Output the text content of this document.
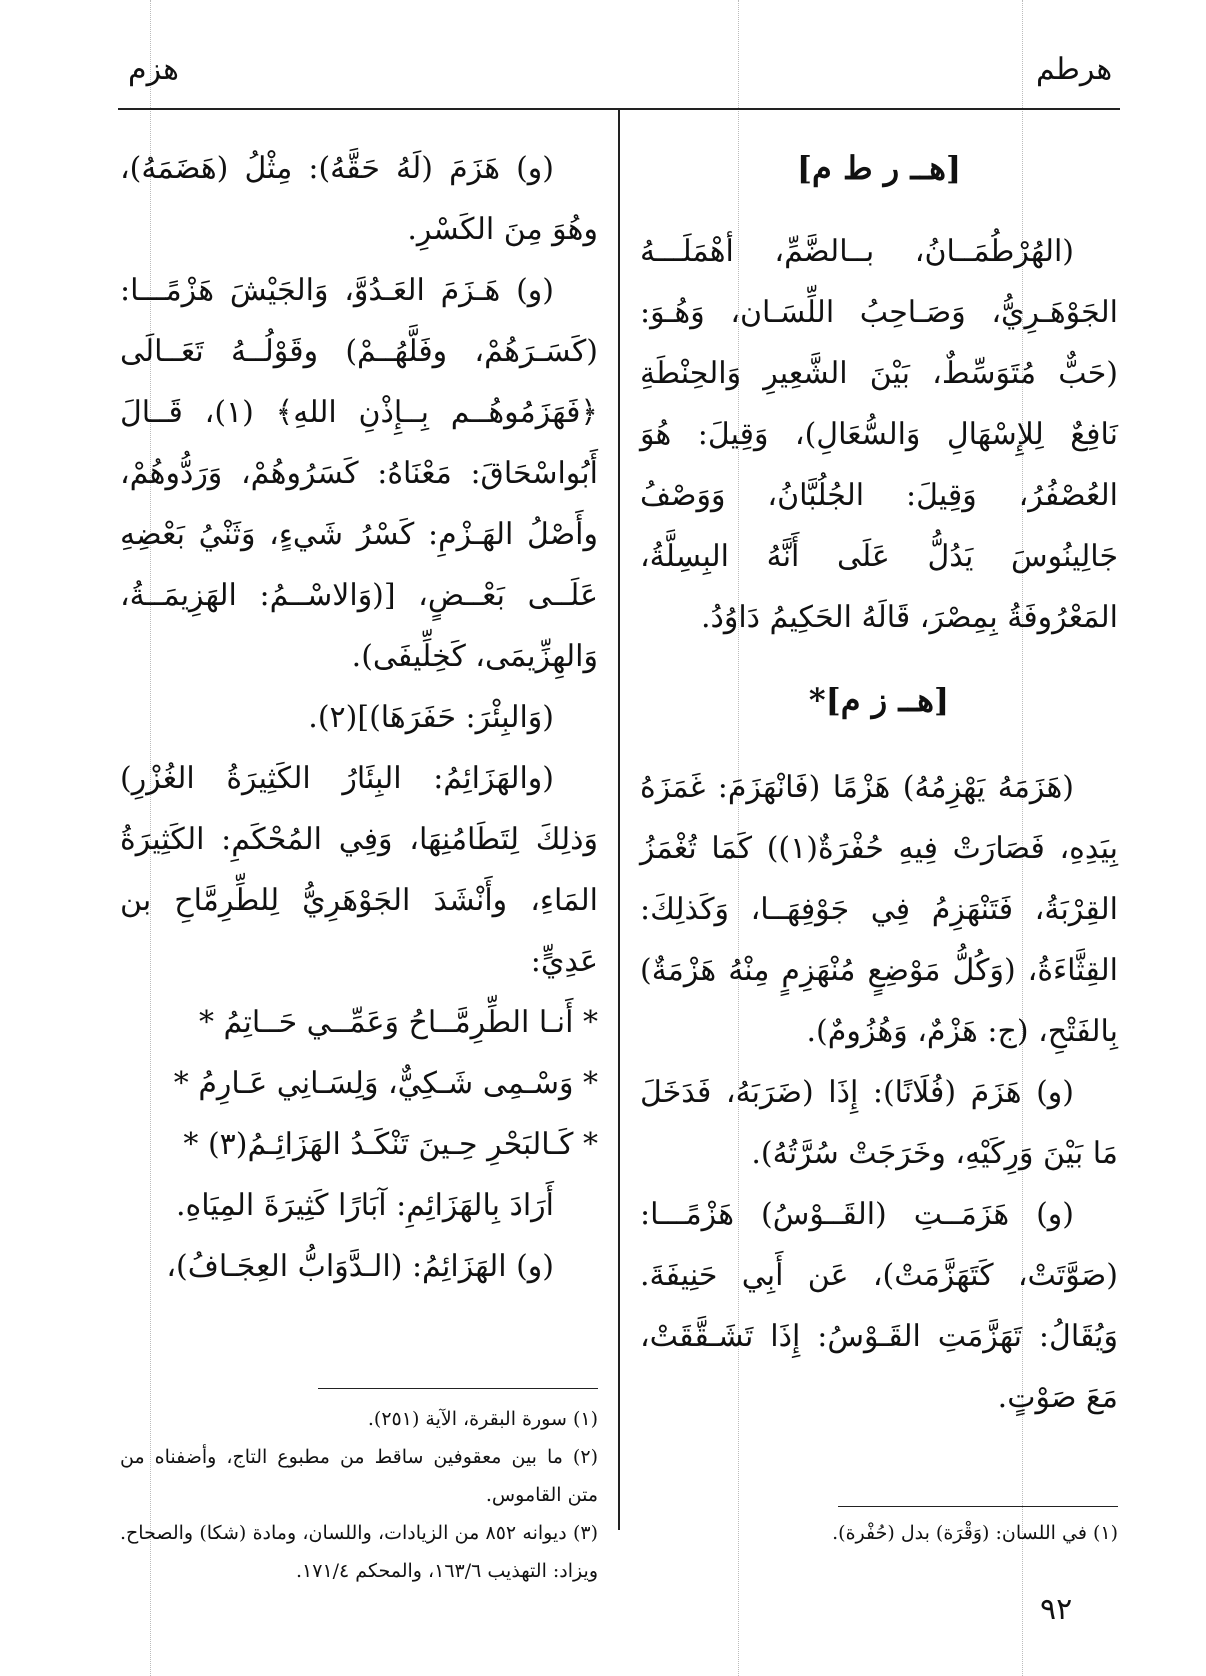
هرطم
هزم

[هــ ر ط م]

(الهُرْطُمَــانُ، بــالضَّمِّ، أهْمَلَـــهُ الجَوْهَـرِيُّ، وَصَـاحِبُ اللِّسَـان، وَهُـوَ: (حَبٌّ مُتَوَسِّطٌ، بَيْنَ الشَّعِيرِ وَالحِنْطَةِ نَافِعٌ لِلإِسْهَالِ وَالسُّعَالِ)، وَقِيلَ: هُوَ العُصْفُرُ، وَقِيلَ: الجُلُبَّانُ، وَوَصْفُ جَالِينُوسَ يَدُلُّ عَلَى أَنَّهُ البِسِلَّةُ، المَعْرُوفَةُ بِمِصْرَ، قَالَهُ الحَكِيمُ دَاوُدُ.

[هــ ز م]*

(هَزَمَهُ يَهْزِمُهُ) هَزْمًا (فَانْهَزَمَ: غَمَزَهُ بِيَدِهِ، فَصَارَتْ فِيهِ حُفْرَةٌ(١)) كَمَا تُغْمَزُ القِرْبَةُ، فَتَنْهَزِمُ فِي جَوْفِهَــا، وَكَذلِكَ: القِثَّاءَةُ، (وَكُلُّ مَوْضِعٍ مُنْهَزِمٍ مِنْهُ هَزْمَةٌ) بِالفَتْحِ، (ج: هَزْمٌ، وَهُزُومٌ).

(و) هَزَمَ (فُلَانًا): إِذَا (ضَرَبَهُ، فَدَخَلَ مَا بَيْنَ وَرِكَيْهِ، وخَرَجَتْ سُرَّتُهُ).

(و) هَزَمَــتِ (القَــوْسُ) هَزْمًـــا: (صَوَّتَتْ، كَتَهَزَّمَتْ)، عَن أَبِي حَنِيفَةَ. وَيُقَالُ: تَهَزَّمَتِ القَـوْسُ: إِذَا تَشَـقَّقَتْ، مَعَ صَوْتٍ.

(و) هَزَمَ (لَهُ حَقَّهُ): مِثْلُ (هَضَمَهُ)، وهُوَ مِنَ الكَسْرِ.

(و) هَـزَمَ العَـدُوَّ، وَالجَيْشَ هَزْمًـــا: (كَسَـرَهُمْ، وفَلَّهُــمْ) وقَوْلُــهُ تَعَــالَى ﴿فَهَزَمُوهُــم بِــإِذْنِ اللهِ﴾ (١)، قَــالَ أَبُواسْحَاقَ: مَعْنَاهُ: كَسَرُوهُمْ، وَرَدُّوهُمْ، وأَصْلُ الهَـزْمِ: كَسْرُ شَيءٍ، وَثَنْيُ بَعْضِهِ عَلَــى بَعْــضٍ، [(وَالاسْــمُ: الهَزِيمَــةُ، وَالهِزِّيمَى، كَخِلِّيفَى).

(وَالبِئْرَ: حَفَرَهَا)](٢).

(والهَزَائِمُ: البِئَارُ الكَثِيرَةُ الغُزْرِ) وَذلِكَ لِتَطَامُنِهَا، وَفِي المُحْكَمِ: الكَثِيرَةُ المَاءِ، وأَنْشَدَ الجَوْهَرِيُّ لِلطِّرِمَّاحِ بن عَدِيٍّ:

* أَنـا الطِّرِمَّــاحُ وَعَمِّــي حَــاتِمُ *

* وَسْـمِى شَـكِيٌّ، وَلِسَـانِي عَـارِمُ *

* كَـالبَحْرِ حِـينَ تَنْكَـدُ الهَزَائِـمُ(٣) *

أَرَادَ بِالهَزَائِمِ: آبَارًا كَثِيرَةَ المِيَاهِ.

(و) الهَزَائِمُ: (الـدَّوَابُّ العِجَـافُ)،

(١) سورة البقرة، الآية (٢٥١).

(٢) ما بين معقوفين ساقط من مطبوع التاج، وأضفناه من متن القاموس.

(٣) ديوانه ٨٥٢ من الزيادات، واللسان، ومادة (شكا) والصحاح. ويزاد: التهذيب ١٦٣/٦، والمحكم ١٧١/٤.

(١) في اللسان: (وَقْرَة) بدل (حُفْرة).

٩٢
